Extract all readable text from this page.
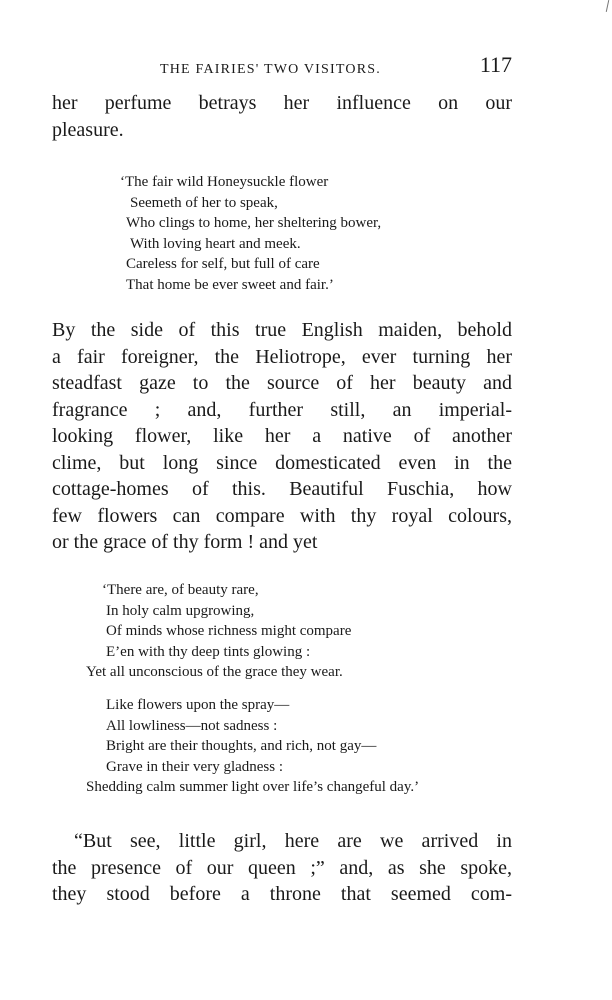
THE FAIRIES' TWO VISITORS.	117
her perfume betrays her influence on our
pleasure.
‘The fair wild Honeysuckle flower
Seemeth of her to speak,
Who clings to home, her sheltering bower,
With loving heart and meek.
Careless for self, but full of care
That home be ever sweet and fair.’
By the side of this true English maiden, behold
a fair foreigner, the Heliotrope, ever turning her
steadfast gaze to the source of her beauty and
fragrance ; and, further still, an imperial-
looking flower, like her a native of another
clime, but long since domesticated even in the
cottage-homes of this. Beautiful Fuschia, how
few flowers can compare with thy royal colours,
or the grace of thy form ! and yet
‘There are, of beauty rare,
In holy calm upgrowing,
Of minds whose richness might compare
E’en with thy deep tints glowing :
Yet all unconscious of the grace they wear.
Like flowers upon the spray—
All lowliness—not sadness :
Bright are their thoughts, and rich, not gay—
Grave in their very gladness :
Shedding calm summer light over life’s changeful day.’
“But see, little girl, here are we arrived in
the presence of our queen ;” and, as she spoke,
they stood before a throne that seemed com-
